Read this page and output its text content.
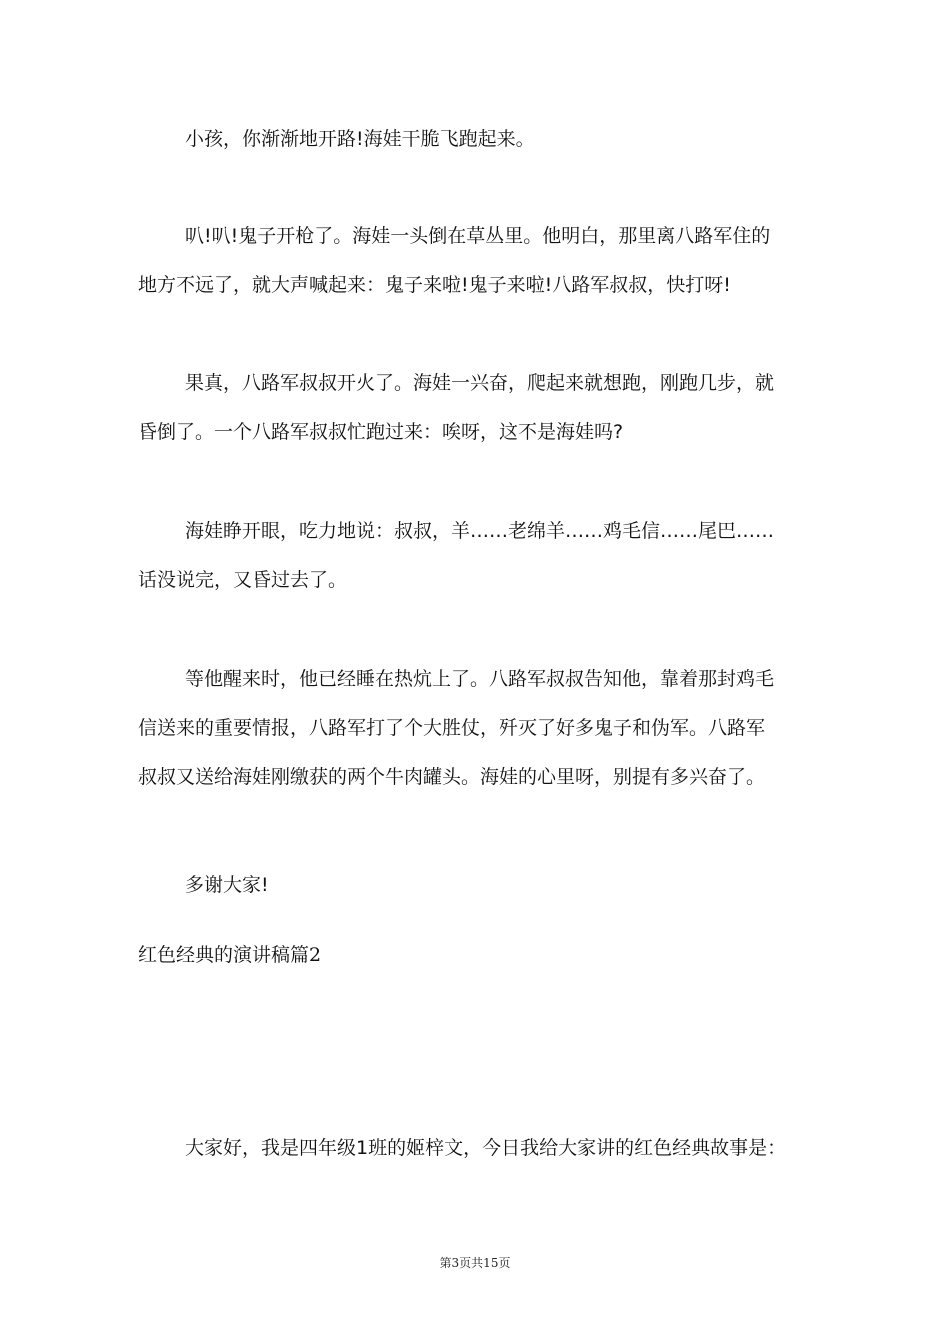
小孩，你渐渐地开路!海娃干脆飞跑起来。
叭!叭!鬼子开枪了。海娃一头倒在草丛里。他明白，那里离八路军住的
地方不远了，就大声喊起来：鬼子来啦!鬼子来啦!八路军叔叔，快打呀!
果真，八路军叔叔开火了。海娃一兴奋，爬起来就想跑，刚跑几步，就
昏倒了。一个八路军叔叔忙跑过来：唉呀，这不是海娃吗?
海娃睁开眼，吃力地说：叔叔，羊……老绵羊……鸡毛信……尾巴……
话没说完，又昏过去了。
等他醒来时，他已经睡在热炕上了。八路军叔叔告知他，靠着那封鸡毛
信送来的重要情报，八路军打了个大胜仗，歼灭了好多鬼子和伪军。八路军
叔叔又送给海娃刚缴获的两个牛肉罐头。海娃的心里呀，别提有多兴奋了。
多谢大家!
红色经典的演讲稿篇2
大家好，我是四年级1班的姬梓文，今日我给大家讲的红色经典故事是：
第3页共15页
